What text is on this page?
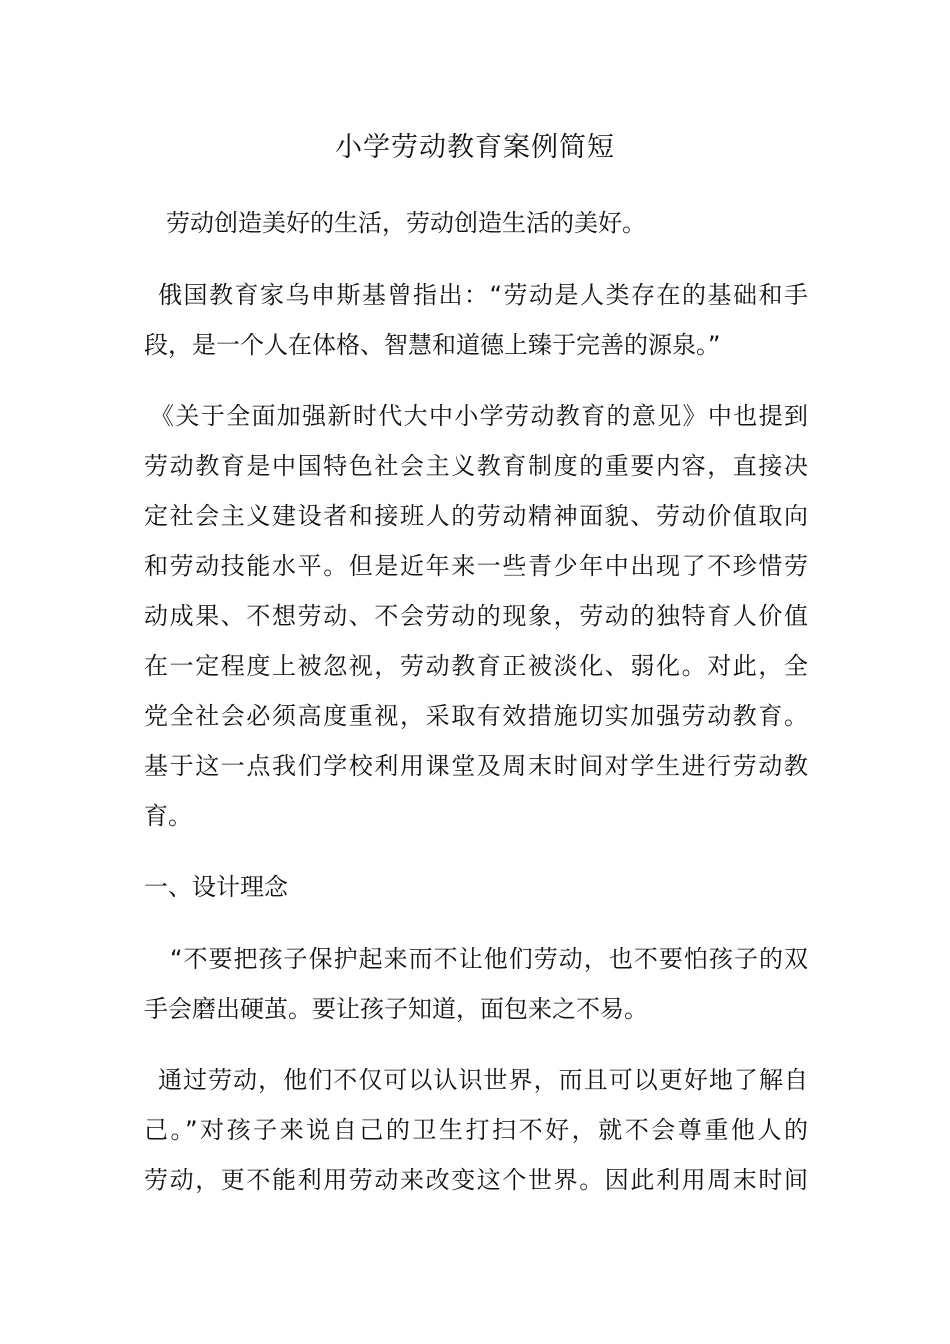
小学劳动教育案例简短
劳动创造美好的生活，劳动创造生活的美好。
俄国教育家乌申斯基曾指出：“劳动是人类存在的基础和手
段，是一个人在体格、智慧和道德上臻于完善的源泉。”
《关于全面加强新时代大中小学劳动教育的意见》中也提到
劳动教育是中国特色社会主义教育制度的重要内容，直接决
定社会主义建设者和接班人的劳动精神面貌、劳动价值取向
和劳动技能水平。但是近年来一些青少年中出现了不珍惜劳
动成果、不想劳动、不会劳动的现象，劳动的独特育人价值
在一定程度上被忽视，劳动教育正被淡化、弱化。对此，全
党全社会必须高度重视，采取有效措施切实加强劳动教育。
基于这一点我们学校利用课堂及周末时间对学生进行劳动教
育。
一、设计理念
“不要把孩子保护起来而不让他们劳动，也不要怕孩子的双
手会磨出硬茧。要让孩子知道，面包来之不易。
通过劳动，他们不仅可以认识世界，而且可以更好地了解自
己。”对孩子来说自己的卫生打扫不好，就不会尊重他人的
劳动，更不能利用劳动来改变这个世界。因此利用周末时间
